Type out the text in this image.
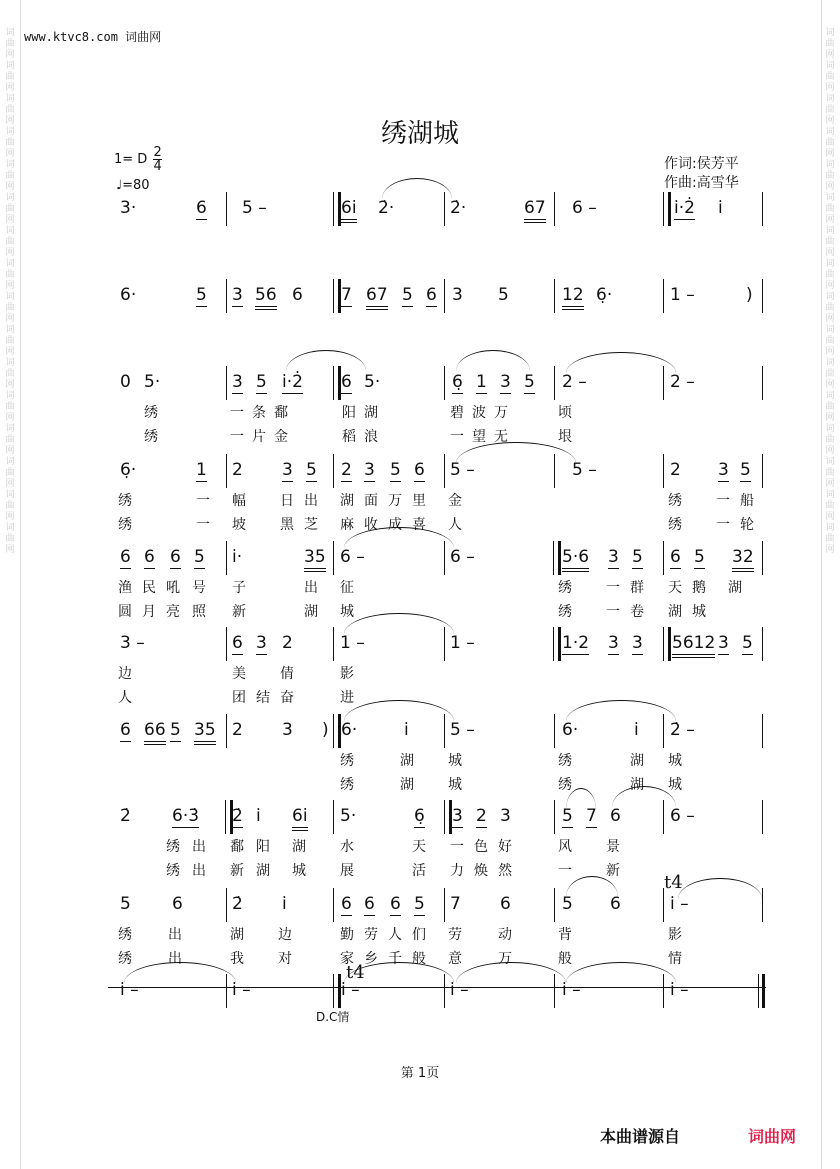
词
曲
网
词
曲
网
词
曲
网
词
曲
网
词
曲
网
词
曲
网
词
曲
网
词
曲
网
词
曲
网
词
曲
网
词
曲
网
词
曲
网
词
曲
网
词
曲
网
词
曲
网
词
曲
网
词
曲
网
词
曲
网
词
曲
网
词
曲
网
词
曲
网
词
曲
网
词
曲
网
词
曲
网
词
曲
网
词
曲
网
词
曲
网
词
曲
网
词
曲
网
词
曲
网
词
曲
网
词
曲
网
www.ktvc8.com 词曲网
绣湖城
1= D $\frac{2}{4}$
♩=80
作词:侯芳平
作曲:高雪华
3·	6 5 –	6i 2̇·	2̇·	67 6 –	i̇·2̇ i̇
6·	5 3 56 6 7 67 5 6 3 5	12 6̣·	1 –	)
0 5·	3 5 i̇·2̇ 6 5·	6̣ 1 3 5 2 –	2 –
绣	一条鄱	阳湖	碧波万	顷
绣	一片金	稻浪	一望无	垠
6̣·	1 2 3 5 2 3 5 6 5 –	5 –	2 3 5
绣	一 幅 日 出 湖 面 万 里 金	绣 一 船
绣	一 坡 黑 芝 麻 收 成 喜 人	绣 一 轮
6 6 6 5 i̇·	35 6 –	6 –	5·6 3 5 6 5 32
渔 民 吼 号 子	出 征	绣 一 群 天 鹅 湖
圆 月 亮 照 新	湖 城	绣 一 卷 湖 城
3 –	6 3 2	1 –	1 –	1·2 3 3 5612 3 5
边	美 倩	影
人	团 结 奋	进
6 66 5 35 2 3 ) 6·	i̇ 5 –	6·	i̇ 2̇ –
绣	湖 城	绣	湖 城
绣	湖 城	绣	湖 城
2̇ 6·3̇ 2̇ i̇ 6i 5·	6̣ 3 2 3	5 7 6	6 –
绣 出 鄱 阳 湖 水	天 一 色 好	风 景
绣 出 新 湖 城 展	活 力 焕 然	一 新
5 6	2̇ i̇	6 6 6 5 7 6	5 6	i̇ –
t4
绣	出	湖 边	勤 劳 人 们 劳	动	背	影
绣	出	我 对	家 乡 千 般 意	万	般	情
i̇ –	i̇ –	i̇ –	i̇ –	i̇ –	i̇ –
t4
D.C情
第 1页
本曲谱源自	词曲网
